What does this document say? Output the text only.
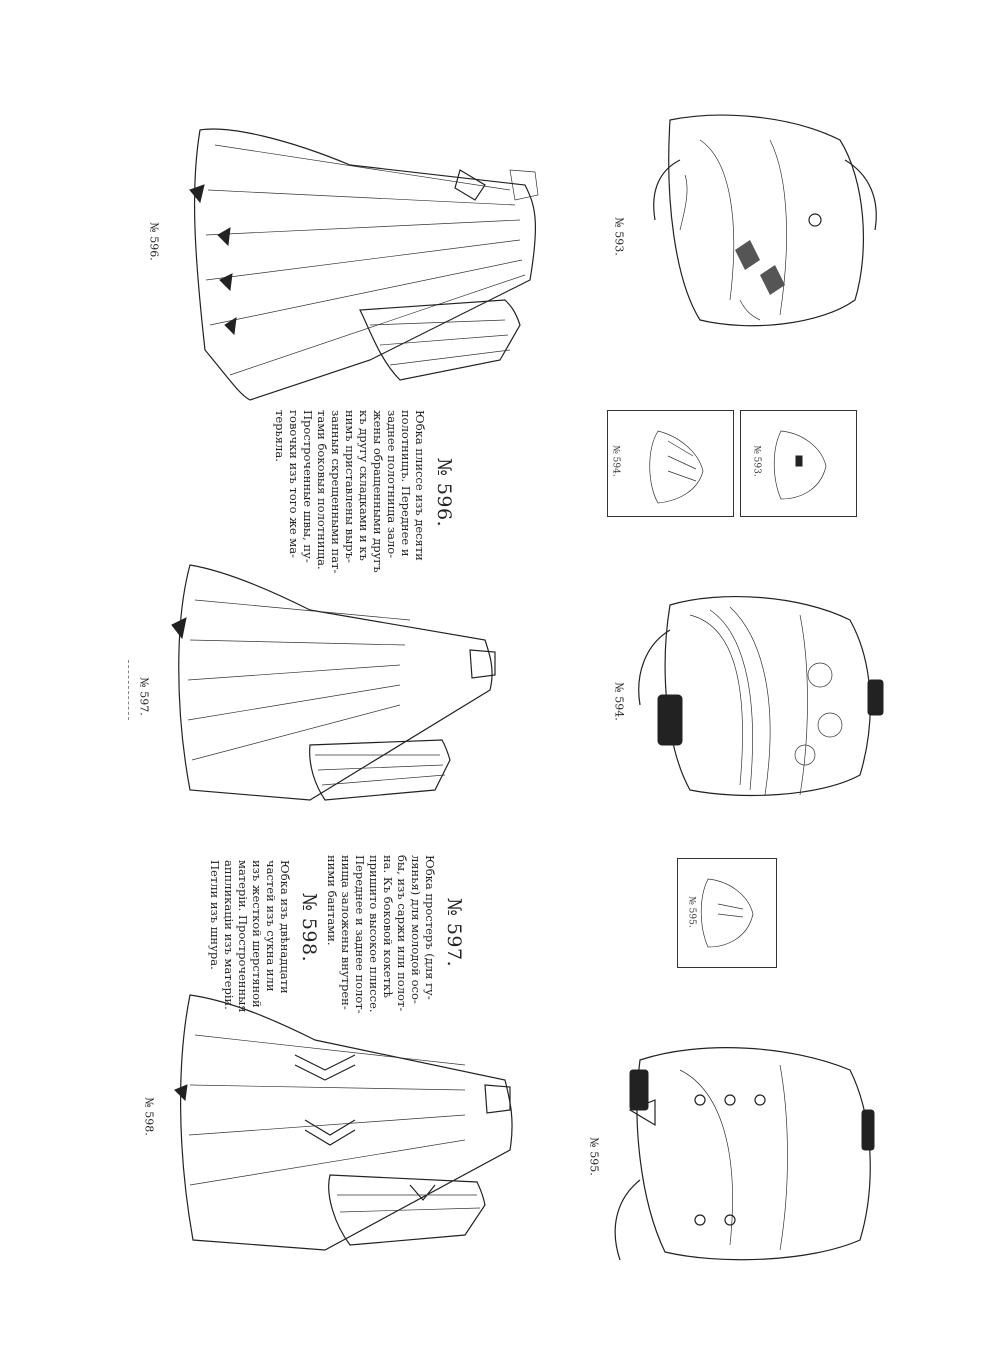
№ 596.
№ 597.
№ 598.
№ 596.
Юбка плиссе изъ десяти
полотнищъ. Переднее и
заднее полотнища зало-
жены обращенными другъ
къ другу складками и къ
нимъ приставлены выръ-
занныя скрещенными пат-
тами боковыя полотнища.
Простроченные швы, пу-
говочки изъ того же ма-
терьяла.
№ 597.
Юбка простеръ (для гу-
лянья) для молодой осо-
бы, изъ саржи или полот-
на. Къ боковой кокеткѣ
пришито высокое плиссе.
Переднее и заднее полот-
нища заложены внутрен-
ними бантами.
№ 598.
Юбка изъ двѣнадцати
частей изъ сукна или
изъ жесткой шерстяной
матеріи. Простроченныя
аппликаціи изъ матеріи.
Петли изъ шнура.
№ 593.
№ 594.	№ 593.
№ 594.
№ 595.
№ 595.
